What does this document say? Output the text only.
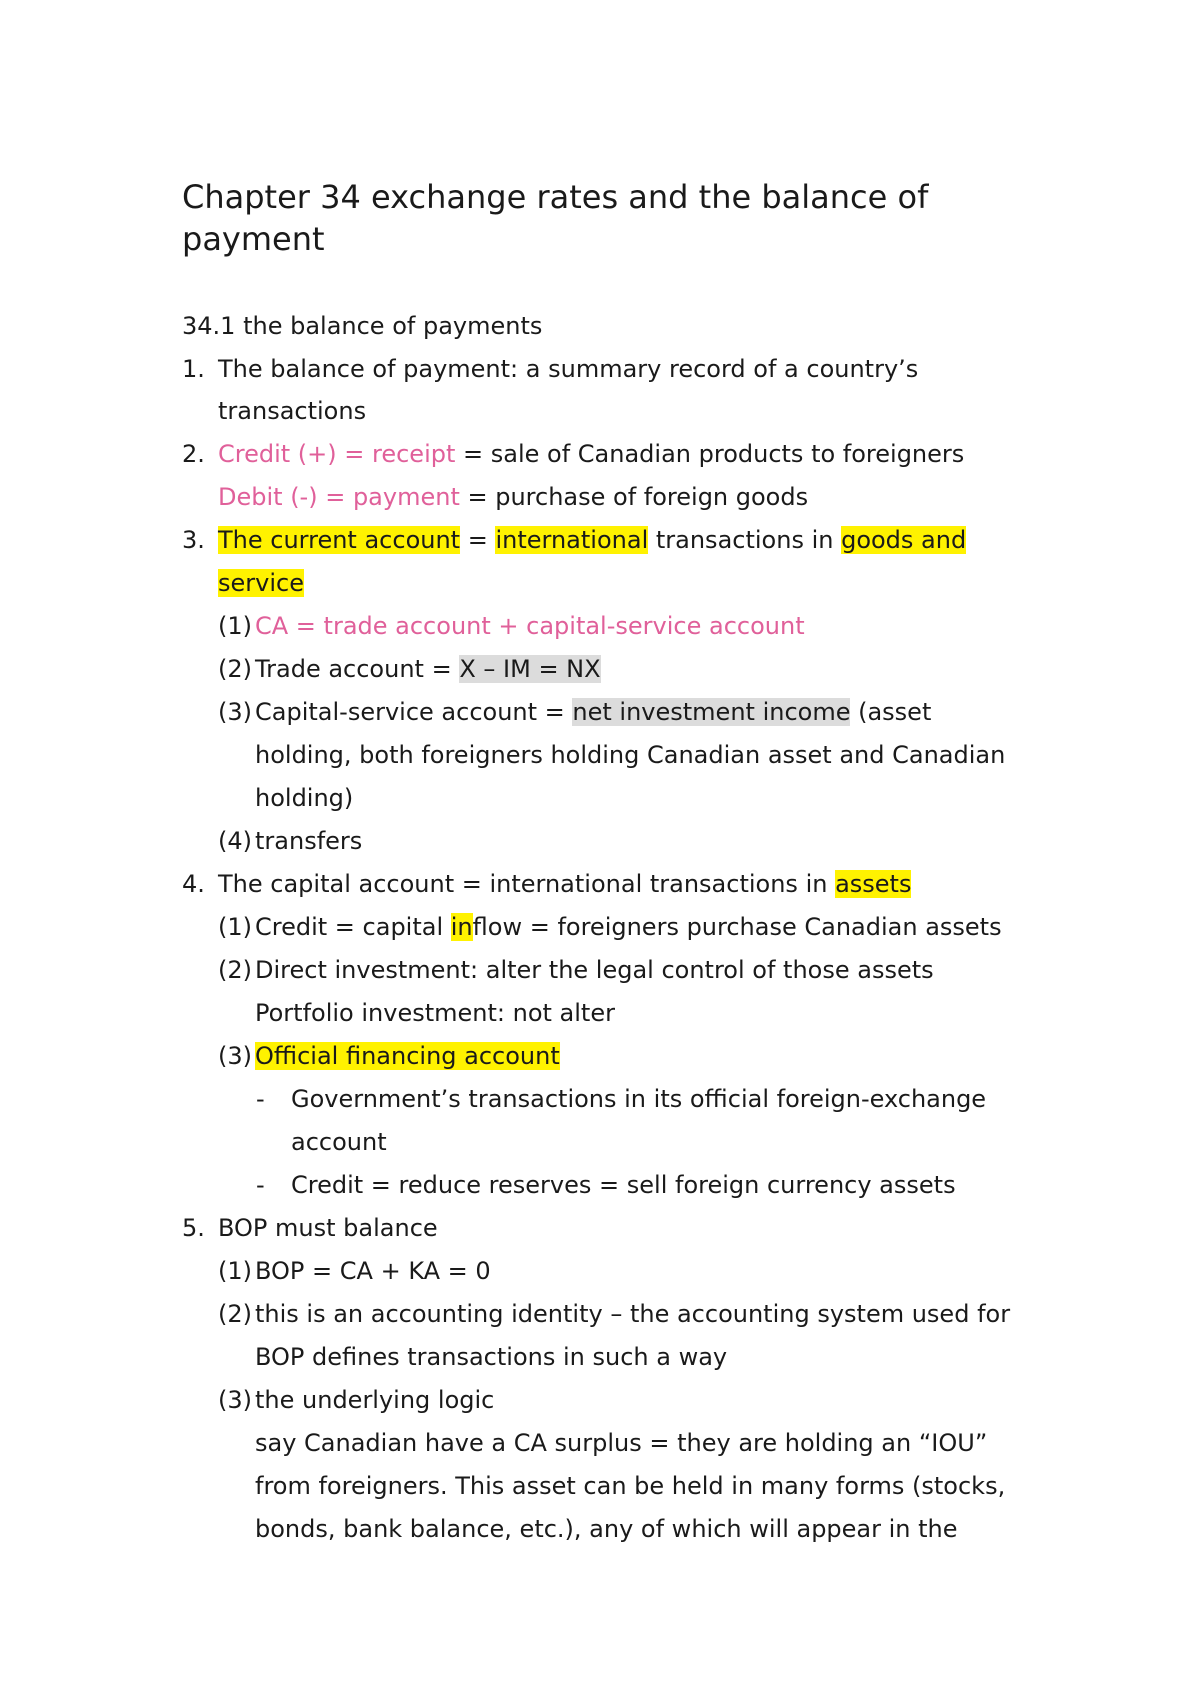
Chapter 34 exchange rates and the balance of
payment
34.1 the balance of payments
1. The balance of payment: a summary record of a country’s
transactions
2. Credit (+) = receipt = sale of Canadian products to foreigners
Debit (-) = payment = purchase of foreign goods
3. The current account = international transactions in goods and
service
(1) CA = trade account + capital-service account
(2) Trade account = X – IM = NX
(3) Capital-service account = net investment income (asset
holding, both foreigners holding Canadian asset and Canadian
holding)
(4) transfers
4. The capital account = international transactions in assets
(1) Credit = capital inflow = foreigners purchase Canadian assets
(2) Direct investment: alter the legal control of those assets
Portfolio investment: not alter
(3) Official financing account
- Government’s transactions in its official foreign-exchange
account
- Credit = reduce reserves = sell foreign currency assets
5. BOP must balance
(1) BOP = CA + KA = 0
(2) this is an accounting identity – the accounting system used for
BOP defines transactions in such a way
(3) the underlying logic
say Canadian have a CA surplus = they are holding an “IOU”
from foreigners. This asset can be held in many forms (stocks,
bonds, bank balance, etc.), any of which will appear in the
